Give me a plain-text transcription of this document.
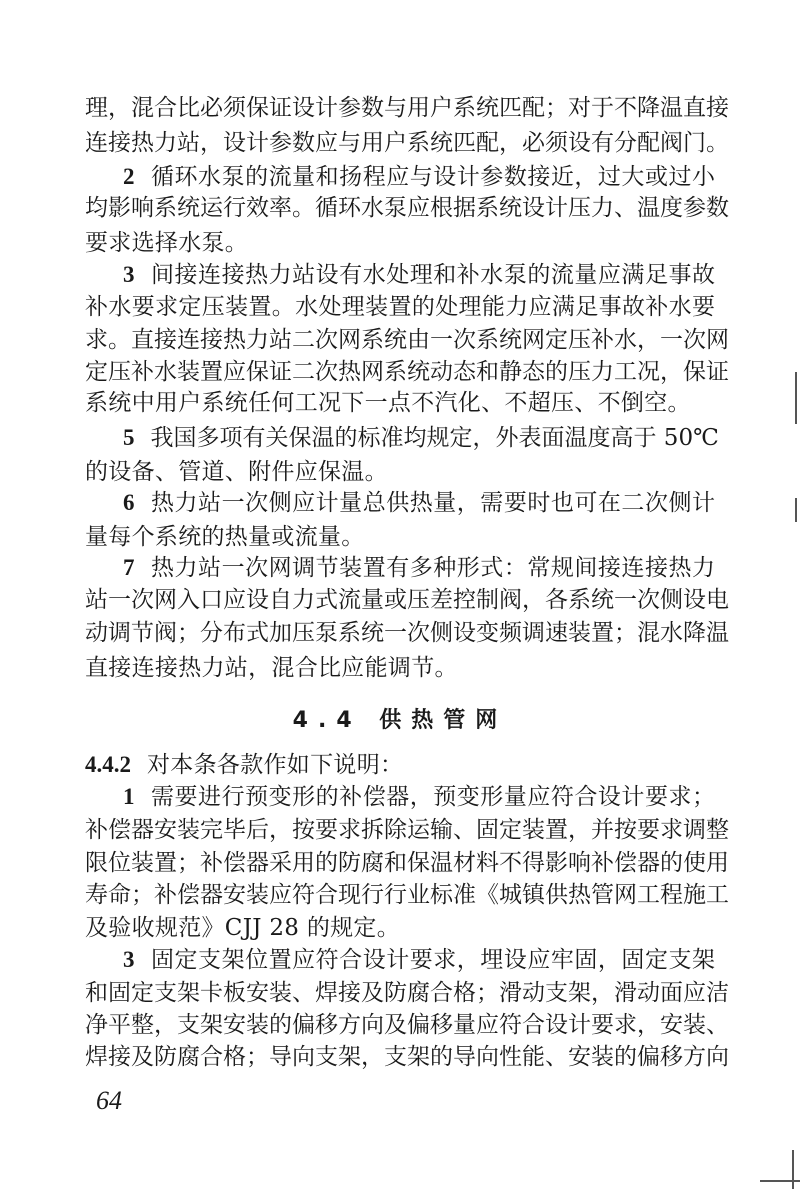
理，混合比必须保证设计参数与用户系统匹配；对于不降温直接
连接热力站，设计参数应与用户系统匹配，必须设有分配阀门。
2 循环水泵的流量和扬程应与设计参数接近，过大或过小
均影响系统运行效率。循环水泵应根据系统设计压力、温度参数
要求选择水泵。
3 间接连接热力站设有水处理和补水泵的流量应满足事故
补水要求定压装置。水处理装置的处理能力应满足事故补水要
求。直接连接热力站二次网系统由一次系统网定压补水，一次网
定压补水装置应保证二次热网系统动态和静态的压力工况，保证
系统中用户系统任何工况下一点不汽化、不超压、不倒空。
5 我国多项有关保温的标准均规定，外表面温度高于 50℃
的设备、管道、附件应保温。
6 热力站一次侧应计量总供热量，需要时也可在二次侧计
量每个系统的热量或流量。
7 热力站一次网调节装置有多种形式：常规间接连接热力
站一次网入口应设自力式流量或压差控制阀，各系统一次侧设电
动调节阀；分布式加压泵系统一次侧设变频调速装置；混水降温
直接连接热力站，混合比应能调节。
4.4.2 对本条各款作如下说明：
1 需要进行预变形的补偿器，预变形量应符合设计要求；
补偿器安装完毕后，按要求拆除运输、固定装置，并按要求调整
限位装置；补偿器采用的防腐和保温材料不得影响补偿器的使用
寿命；补偿器安装应符合现行行业标准《城镇供热管网工程施工
及验收规范》CJJ 28 的规定。
3 固定支架位置应符合设计要求，埋设应牢固，固定支架
和固定支架卡板安装、焊接及防腐合格；滑动支架，滑动面应洁
净平整，支架安装的偏移方向及偏移量应符合设计要求，安装、
焊接及防腐合格；导向支架，支架的导向性能、安装的偏移方向
4.4 供热管网
64
